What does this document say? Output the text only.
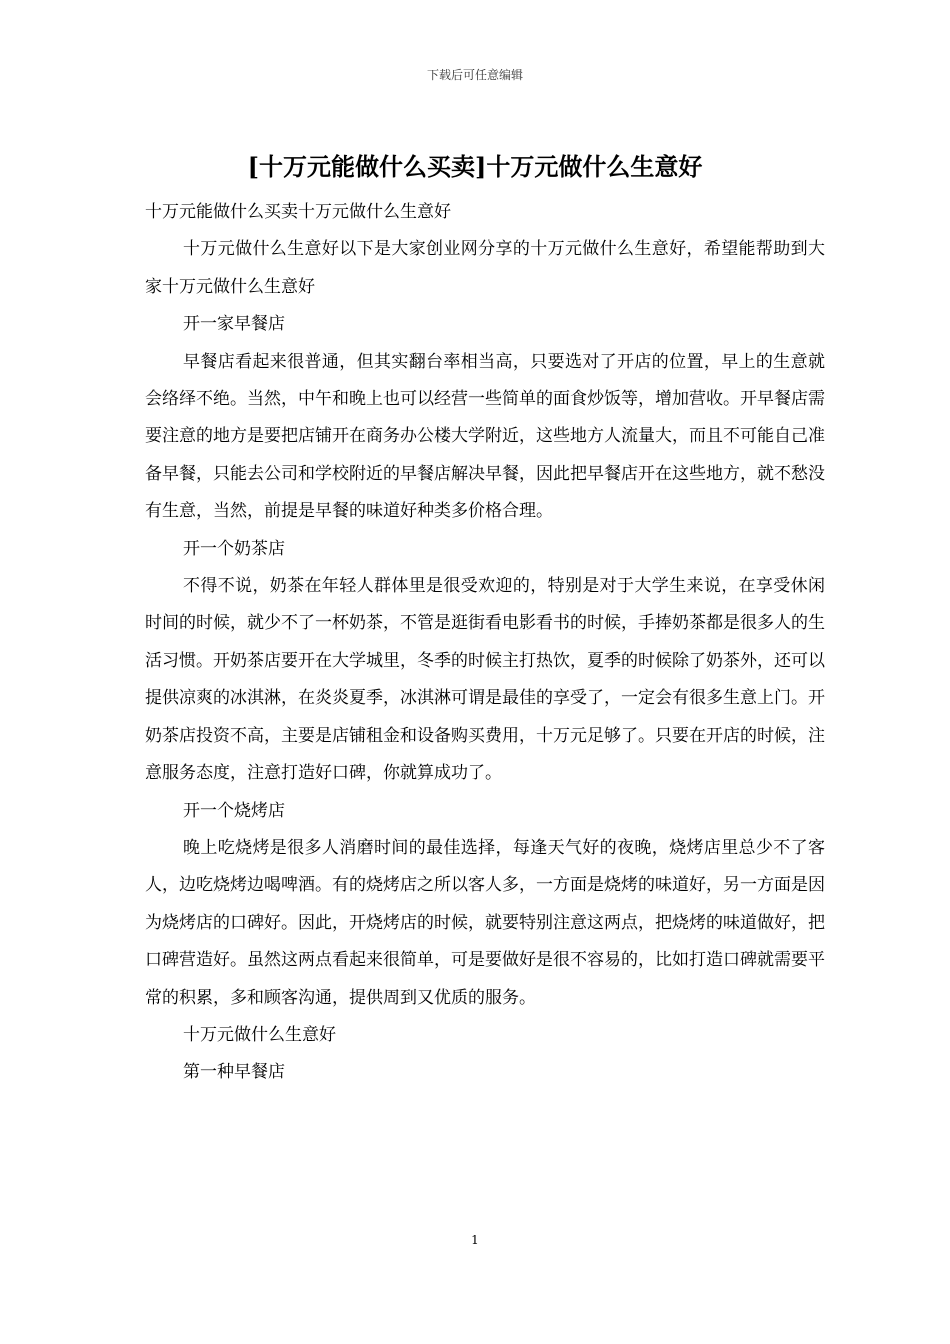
下载后可任意编辑
[十万元能做什么买卖]十万元做什么生意好

十万元能做什么买卖十万元做什么生意好

十万元做什么生意好以下是大家创业网分享的十万元做什么生意好，希望能帮助到大家十万元做什么生意好

开一家早餐店

早餐店看起来很普通，但其实翻台率相当高，只要选对了开店的位置，早上的生意就会络绎不绝。当然，中午和晚上也可以经营一些简单的面食炒饭等，增加营收。开早餐店需要注意的地方是要把店铺开在商务办公楼大学附近，这些地方人流量大，而且不可能自己准备早餐，只能去公司和学校附近的早餐店解决早餐，因此把早餐店开在这些地方，就不愁没有生意，当然，前提是早餐的味道好种类多价格合理。

开一个奶茶店

不得不说，奶茶在年轻人群体里是很受欢迎的，特别是对于大学生来说，在享受休闲时间的时候，就少不了一杯奶茶，不管是逛街看电影看书的时候，手捧奶茶都是很多人的生活习惯。开奶茶店要开在大学城里，冬季的时候主打热饮，夏季的时候除了奶茶外，还可以提供凉爽的冰淇淋，在炎炎夏季，冰淇淋可谓是最佳的享受了，一定会有很多生意上门。开奶茶店投资不高，主要是店铺租金和设备购买费用，十万元足够了。只要在开店的时候，注意服务态度，注意打造好口碑，你就算成功了。

开一个烧烤店

晚上吃烧烤是很多人消磨时间的最佳选择，每逢天气好的夜晚，烧烤店里总少不了客人，边吃烧烤边喝啤酒。有的烧烤店之所以客人多，一方面是烧烤的味道好，另一方面是因为烧烤店的口碑好。因此，开烧烤店的时候，就要特别注意这两点，把烧烤的味道做好，把口碑营造好。虽然这两点看起来很简单，可是要做好是很不容易的，比如打造口碑就需要平常的积累，多和顾客沟通，提供周到又优质的服务。

十万元做什么生意好

第一种早餐店

1
